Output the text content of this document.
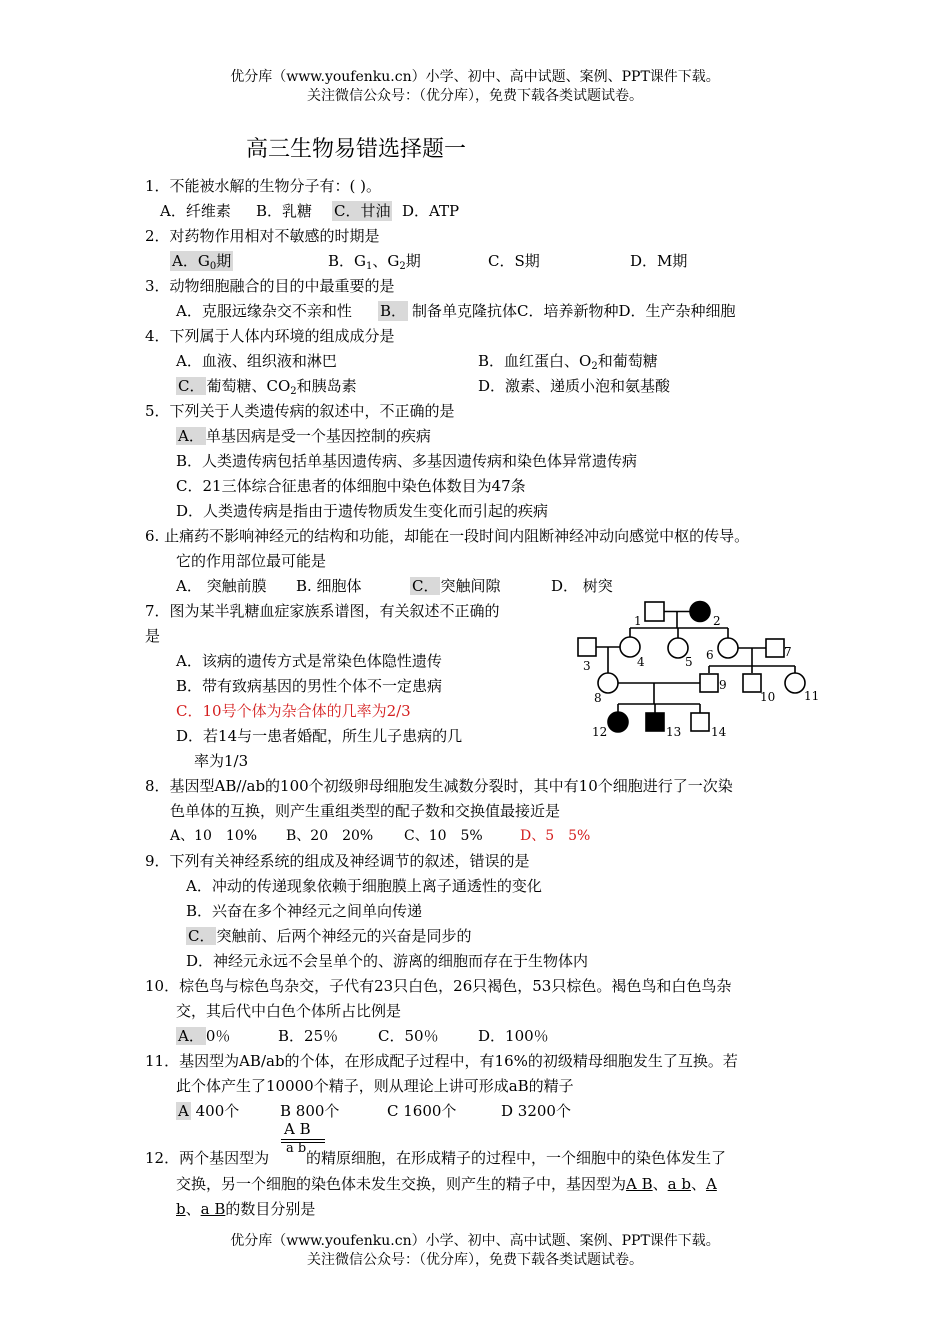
优分库（www.youfenku.cn）小学、初中、高中试题、案例、PPT课件下载。
关注微信公众号：（优分库），免费下载各类试题试卷。
高三生物易错选择题一
1．不能被水解的生物分子有：( )。
A．纤维素 B．乳糖 C．甘油 D．ATP
2．对药物作用相对不敏感的时期是
A．$G_0$期	B．$G_1$、$G_2$期	C．S期	D．M期
3．动物细胞融合的目的中最重要的是
A．克服远缘杂交不亲和性 B． 制备单克隆抗体C．培养新物种D．生产杂种细胞
4．下列属于人体内环境的组成成分是
A．血液、组织液和淋巴	B．血红蛋白、$O_2$和葡萄糖
C． 葡萄糖、$CO_2$和胰岛素	D．激素、递质小泡和氨基酸
5．下列关于人类遗传病的叙述中，不正确的是
A． 单基因病是受一个基因控制的疾病
B．人类遗传病包括单基因遗传病、多基因遗传病和染色体异常遗传病
C．21三体综合征患者的体细胞中染色体数目为47条
D．人类遗传病是指由于遗传物质发生变化而引起的疾病
6. 止痛药不影响神经元的结构和功能，却能在一段时间内阻断神经冲动向感觉中枢的传导。
它的作用部位最可能是
A． 突触前膜 B. 细胞体	C． 突触间隙	D． 树突
7．图为某半乳糖血症家族系谱图，有关叙述不正确的
是
A．该病的遗传方式是常染色体隐性遗传
B．带有致病基因的男性个体不一定患病
C．10号个体为杂合体的几率为2/3
D．若14与一患者婚配，所生儿子患病的几
率为1/3
1	2
3	4	5 6	7
8
9
10 11
12	13 14
8．基因型AB//ab的100个初级卵母细胞发生减数分裂时，其中有10个细胞进行了一次染
色单体的互换，则产生重组类型的配子数和交换值最接近是
A、10　10% B、20　20% C、10　5%	D、5　5%
9．下列有关神经系统的组成及神经调节的叙述，错误的是
A．冲动的传递现象依赖于细胞膜上离子通透性的变化
B．兴奋在多个神经元之间单向传递
C． 突触前、后两个神经元的兴奋是同步的
D．神经元永远不会呈单个的、游离的细胞而存在于生物体内
10．棕色鸟与棕色鸟杂交，子代有23只白色，26只褐色，53只棕色。褐色鸟和白色鸟杂
交，其后代中白色个体所占比例是
A． 0％	B．25％	C．50％	D．100％
11．基因型为AB/ab的个体，在形成配子过程中，有16%的初级精母细胞发生了互换。若
此个体产生了10000个精子，则从理论上讲可形成aB的精子
A 400个	B 800个	C 1600个	D 3200个
A B
a b
12．两个基因型为 的精原细胞，在形成精子的过程中，一个细胞中的染色体发生了
交换，另一个细胞的染色体未发生交换，则产生的精子中，基因型为A B、a b、A
b、a B的数目分别是
优分库（www.youfenku.cn）小学、初中、高中试题、案例、PPT课件下载。
关注微信公众号：（优分库），免费下载各类试题试卷。
